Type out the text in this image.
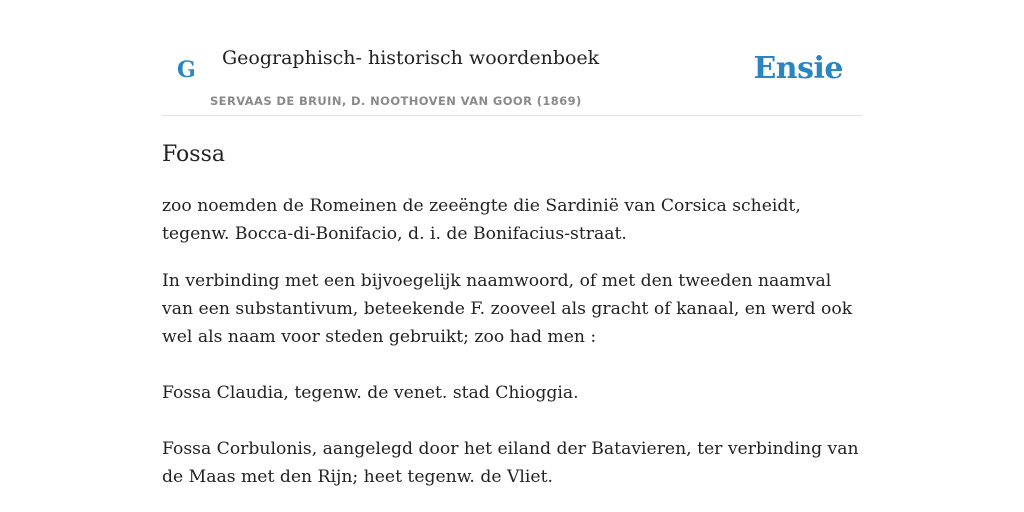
G Geographisch- historisch woordenboek
SERVAAS DE BRUIN, D. NOOTHOVEN VAN GOOR (1869)
Ensie
Fossa

zoo noemden de Romeinen de zeeëngte die Sardinië van Corsica scheidt, tegenw. Bocca-di-Bonifacio, d. i. de Bonifacius-straat.

In verbinding met een bijvoegelijk naamwoord, of met den tweeden naamval van een substantivum, beteekende F. zooveel als gracht of kanaal, en werd ook wel als naam voor steden gebruikt; zoo had men :

Fossa Claudia, tegenw. de venet. stad Chioggia.

Fossa Corbulonis, aangelegd door het eiland der Batavieren, ter verbinding van de Maas met den Rijn; heet tegenw. de Vliet.
